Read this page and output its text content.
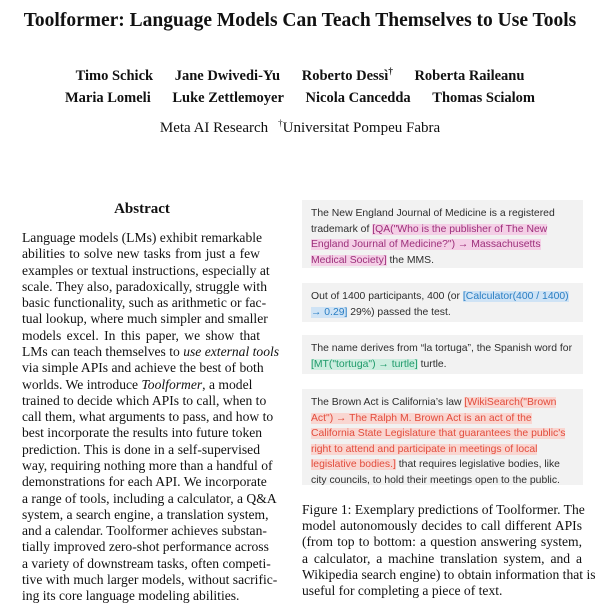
Toolformer: Language Models Can Teach Themselves to Use Tools
Timo Schick Jane Dwivedi-Yu Roberto Dessì† Roberta Raileanu
Maria Lomeli Luke Zettlemoyer Nicola Cancedda Thomas Scialom
Meta AI Research †Universitat Pompeu Fabra
Abstract
Language models (LMs) exhibit remarkable
abilities to solve new tasks from just a few
examples or textual instructions, especially at
scale. They also, paradoxically, struggle with
basic functionality, such as arithmetic or fac-
tual lookup, where much simpler and smaller
models excel. In this paper, we show that
LMs can teach themselves to use external tools
via simple APIs and achieve the best of both
worlds. We introduce Toolformer, a model
trained to decide which APIs to call, when to
call them, what arguments to pass, and how to
best incorporate the results into future token
prediction. This is done in a self-supervised
way, requiring nothing more than a handful of
demonstrations for each API. We incorporate
a range of tools, including a calculator, a Q&A
system, a search engine, a translation system,
and a calendar. Toolformer achieves substan-
tially improved zero-shot performance across
a variety of downstream tasks, often competi-
tive with much larger models, without sacrific-
ing its core language modeling abilities.
The New England Journal of Medicine is a registered trademark of [QA("Who is the publisher of The New England Journal of Medicine?") → Massachusetts Medical Society] the MMS.
Out of 1400 participants, 400 (or [Calculator(400 / 1400) → 0.29] 29%) passed the test.
The name derives from “la tortuga”, the Spanish word for [MT("tortuga") → turtle] turtle.
The Brown Act is California’s law [WikiSearch("Brown Act") → The Ralph M. Brown Act is an act of the California State Legislature that guarantees the public's right to attend and participate in meetings of local legislative bodies.] that requires legislative bodies, like city councils, to hold their meetings open to the public.
Figure 1: Exemplary predictions of Toolformer. The
model autonomously decides to call different APIs
(from top to bottom: a question answering system,
a calculator, a machine translation system, and a
Wikipedia search engine) to obtain information that is
useful for completing a piece of text.
